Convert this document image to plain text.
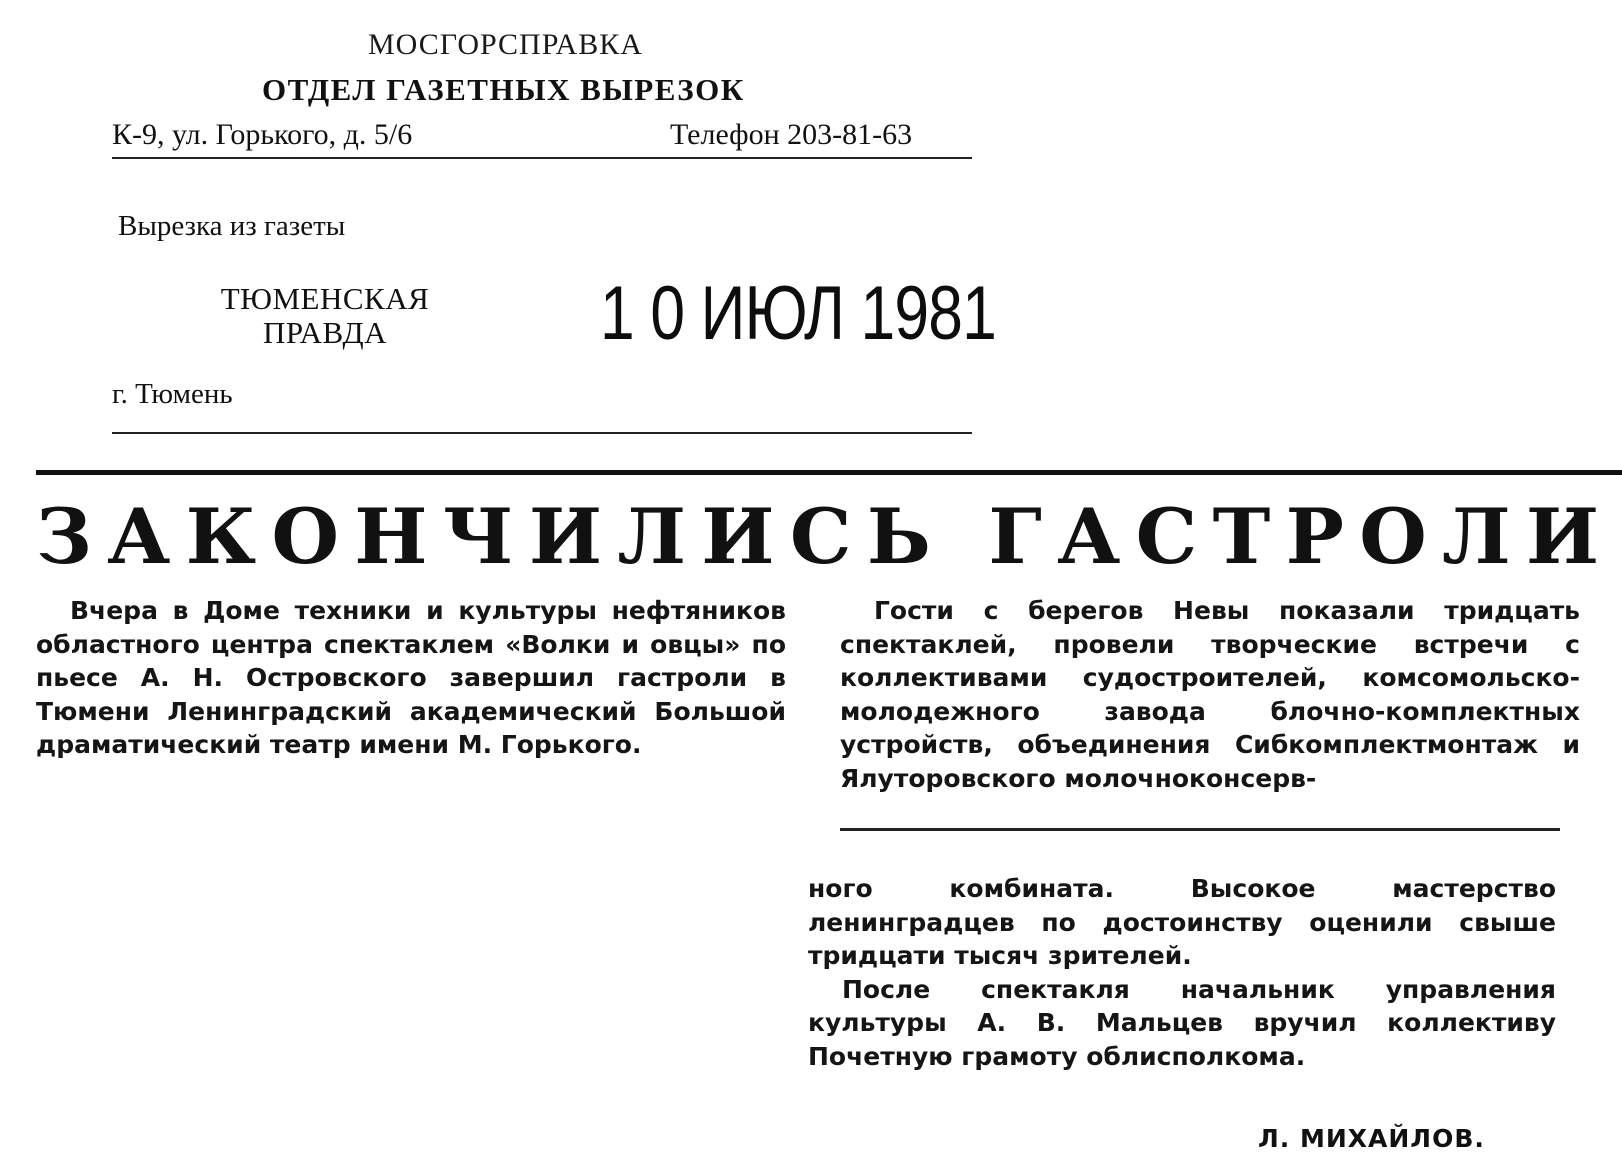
МОСГОРСПРАВКА
ОТДЕЛ ГАЗЕТНЫХ ВЫРЕЗОК
К-9, ул. Горького, д. 5/6	Телефон 203-81-63
Вырезка из газеты
ТЮМЕНСКАЯ
ПРАВДА	1 0 ИЮЛ 1981
г. Тюмень
ЗАКОНЧИЛИСЬ ГАСТРОЛИ

Вчера в Доме техники и культуры нефтяников областного центра спектаклем «Волки и овцы» по пьесе А. Н. Островского завершил гастроли в Тюмени Ленинградский академический Большой драматический театр имени М. Горького.

Гости с берегов Невы показали тридцать спектаклей, провели творческие встречи с коллективами судостроителей, комсомольско-молодежного завода блочно-комплектных устройств, объединения Сибкомплектмонтаж и Ялуторовского молочноконсерв-

ного комбината. Высокое мастерство ленинградцев по достоинству оценили свыше тридцати тысяч зрителей.

После спектакля начальник управления культуры А. В. Мальцев вручил коллективу Почетную грамоту облисполкома.

Л. МИХАЙЛОВ.
